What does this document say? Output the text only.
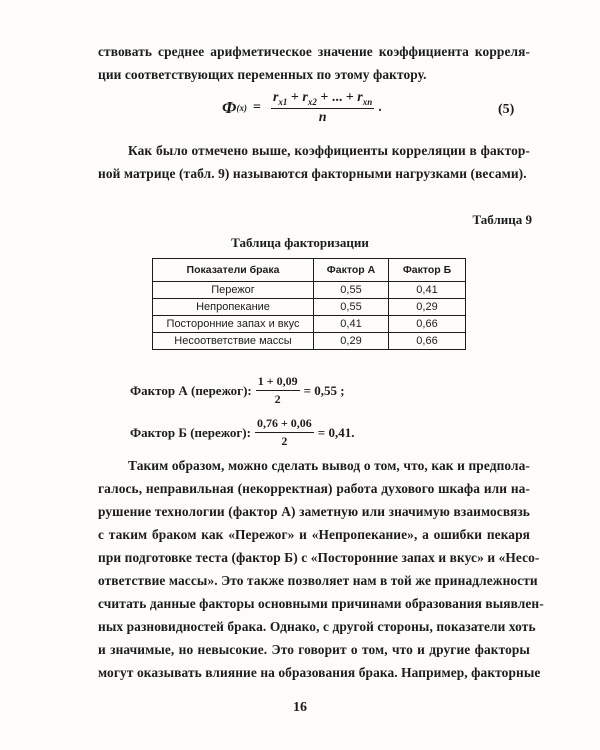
ствовать среднее арифметическое значение коэффициента корреля-
ции соответствующих переменных по этому фактору.
Ф (x) =
$r_{x1} + r_{x2}$ + ... + $r_{xn}$
n
.	(5)
Как было отмечено выше, коэффициенты корреляции в фактор-
ной матрице (табл. 9) называются факторными нагрузками (весами).
Таблица 9
Таблица факторизации
Показатели брака	Фактор А	Фактор Б
Пережог	0,55	0,41
Непропекание	0,55	0,29
Посторонние запах и вкус	0,41	0,66
Несоответствие массы	0,29	0,66
Фактор А (пережог): $\frac{1 + 0,09}{2} = 0,55$ ;
Фактор Б (пережог): $\frac{0,76 + 0,06}{2} = 0,41$.
Таким образом, можно сделать вывод о том, что, как и предпола-
галось, неправильная (некорректная) работа духового шкафа или на-
рушение технологии (фактор А) заметную или значимую взаимосвязь
с таким браком как «Пережог» и «Непропекание», а ошибки пекаря
при подготовке теста (фактор Б) с «Посторонние запах и вкус» и «Несо-
ответствие массы». Это также позволяет нам в той же принадлежности
считать данные факторы основными причинами образования выявлен-
ных разновидностей брака. Однако, с другой стороны, показатели хоть
и значимые, но невысокие. Это говорит о том, что и другие факторы
могут оказывать влияние на образования брака. Например, факторные
16
